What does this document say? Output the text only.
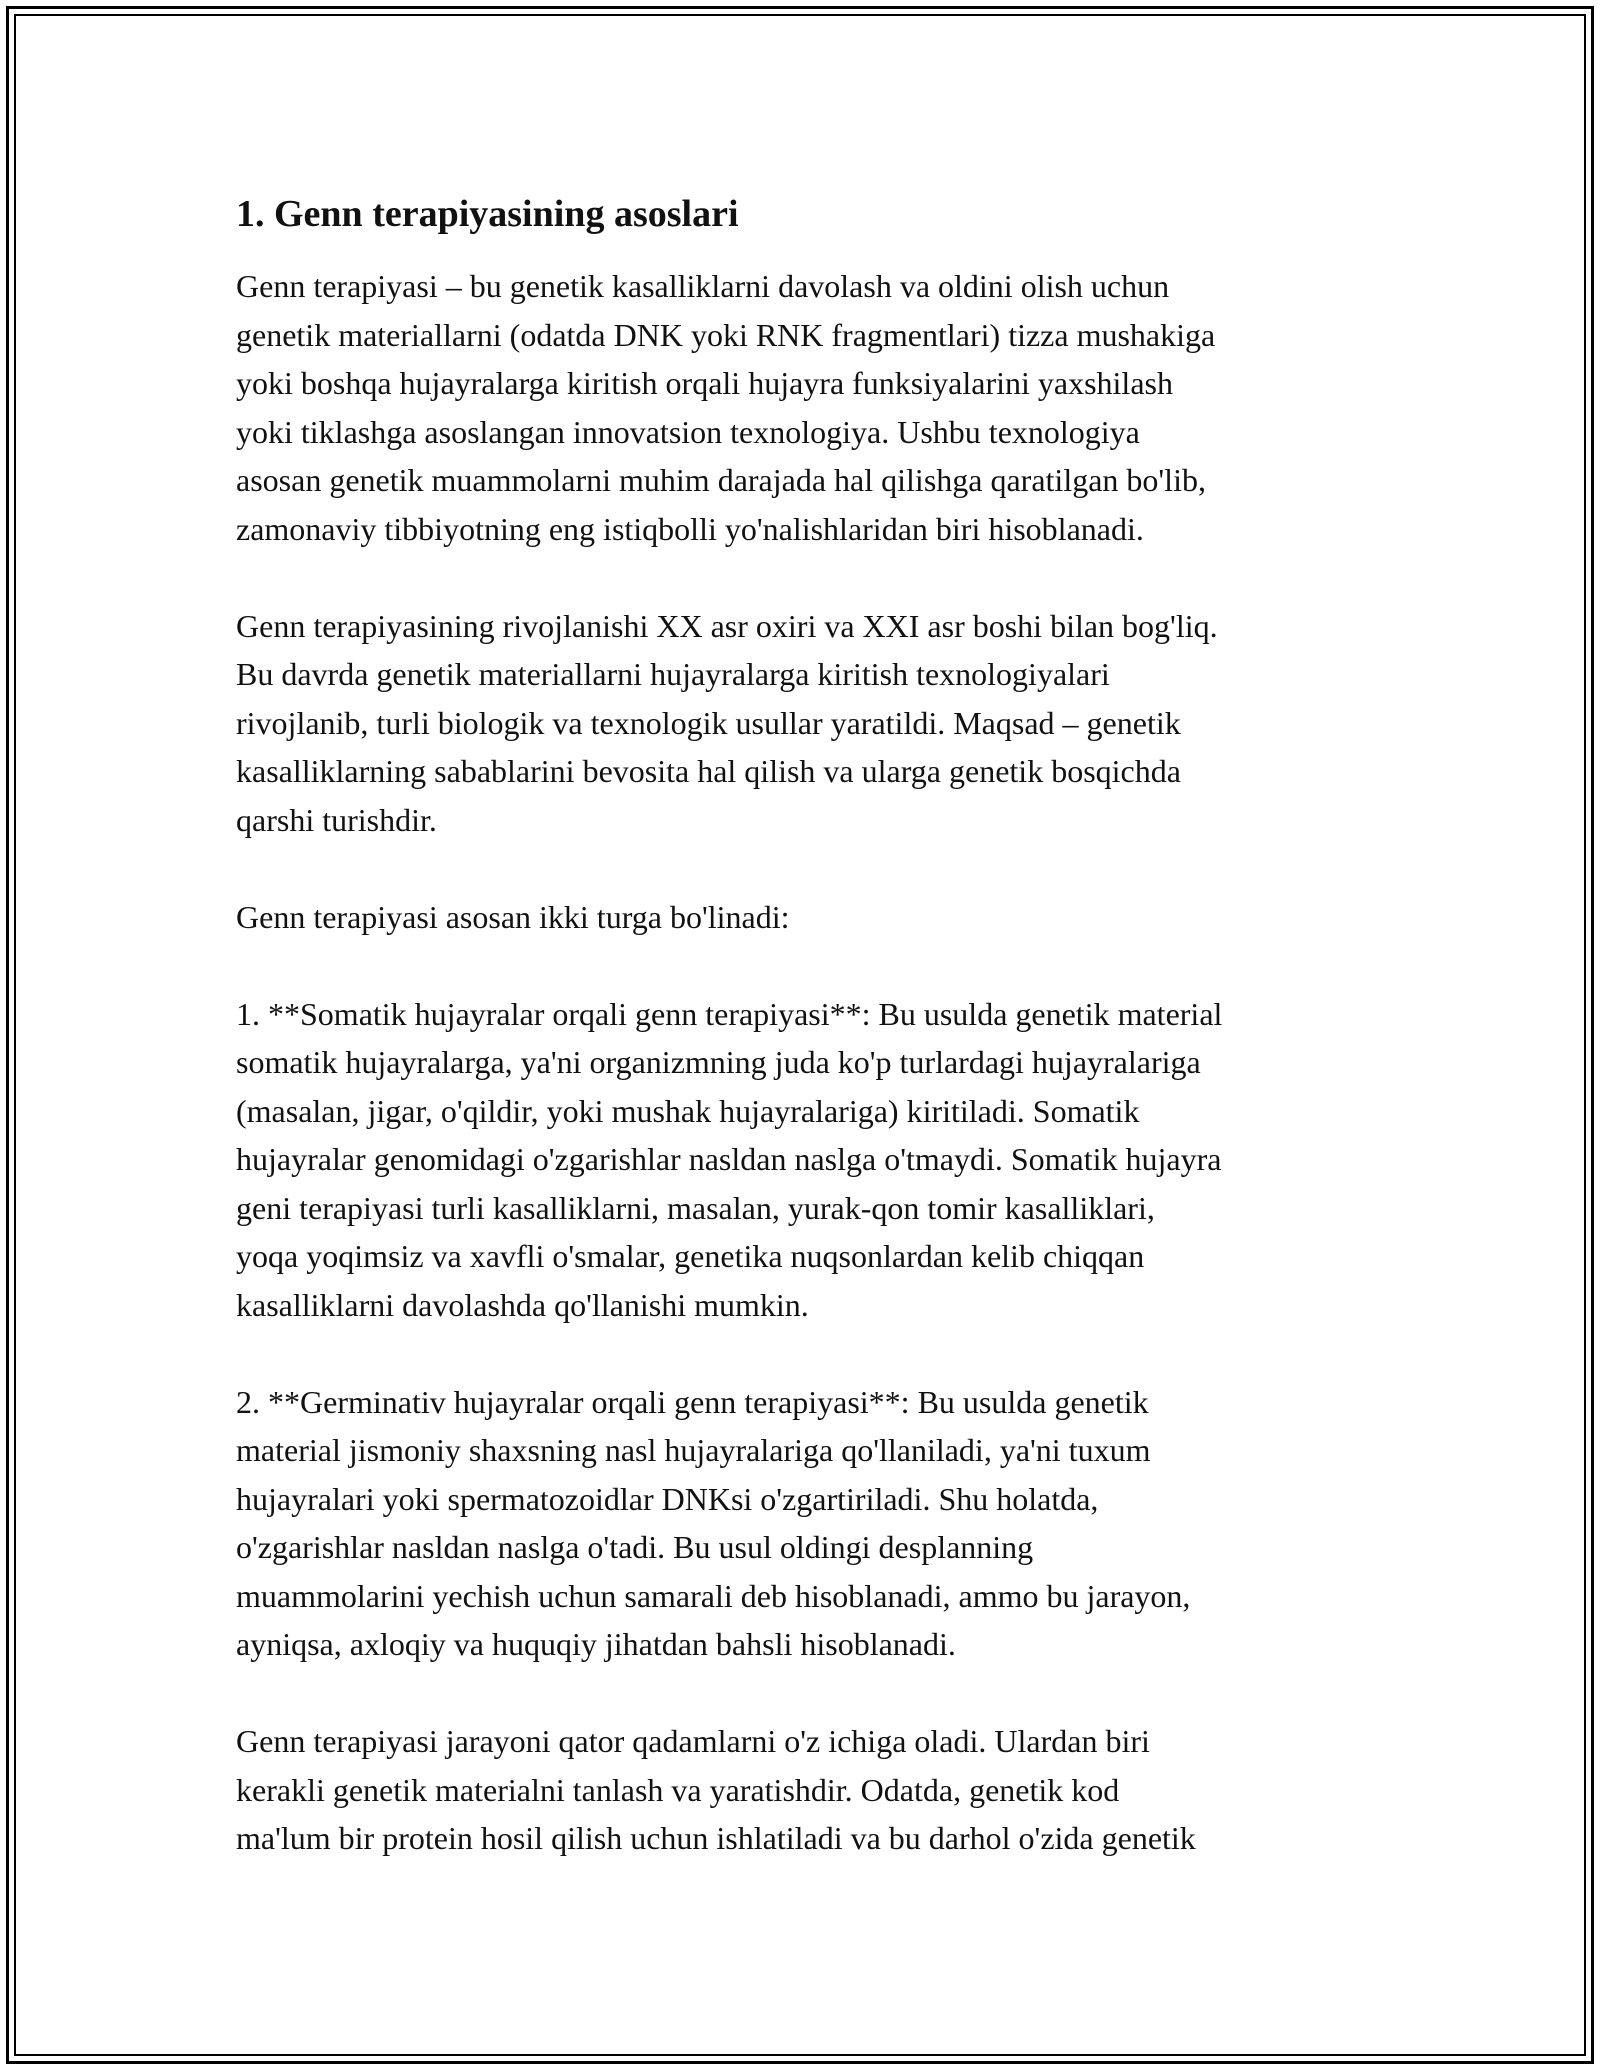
1. Genn terapiyasining asoslari
Genn terapiyasi – bu genetik kasalliklarni davolash va oldini olish uchun
genetik materiallarni (odatda DNK yoki RNK fragmentlari) tizza mushakiga
yoki boshqa hujayralarga kiritish orqali hujayra funksiyalarini yaxshilash
yoki tiklashga asoslangan innovatsion texnologiya. Ushbu texnologiya
asosan genetik muammolarni muhim darajada hal qilishga qaratilgan bo'lib,
zamonaviy tibbiyotning eng istiqbolli yo'nalishlaridan biri hisoblanadi.
Genn terapiyasining rivojlanishi XX asr oxiri va XXI asr boshi bilan bog'liq.
Bu davrda genetik materiallarni hujayralarga kiritish texnologiyalari
rivojlanib, turli biologik va texnologik usullar yaratildi. Maqsad – genetik
kasalliklarning sabablarini bevosita hal qilish va ularga genetik bosqichda
qarshi turishdir.
Genn terapiyasi asosan ikki turga bo'linadi:
1. **Somatik hujayralar orqali genn terapiyasi**: Bu usulda genetik material
somatik hujayralarga, ya'ni organizmning juda ko'p turlardagi hujayralariga
(masalan, jigar, o'qildir, yoki mushak hujayralariga) kiritiladi. Somatik
hujayralar genomidagi o'zgarishlar nasldan naslga o'tmaydi. Somatik hujayra
geni terapiyasi turli kasalliklarni, masalan, yurak-qon tomir kasalliklari,
yoqa yoqimsiz va xavfli o'smalar, genetika nuqsonlardan kelib chiqqan
kasalliklarni davolashda qo'llanishi mumkin.
2. **Germinativ hujayralar orqali genn terapiyasi**: Bu usulda genetik
material jismoniy shaxsning nasl hujayralariga qo'llaniladi, ya'ni tuxum
hujayralari yoki spermatozoidlar DNKsi o'zgartiriladi. Shu holatda,
o'zgarishlar nasldan naslga o'tadi. Bu usul oldingi desplanning
muammolarini yechish uchun samarali deb hisoblanadi, ammo bu jarayon,
ayniqsa, axloqiy va huquqiy jihatdan bahsli hisoblanadi.
Genn terapiyasi jarayoni qator qadamlarni o'z ichiga oladi. Ulardan biri
kerakli genetik materialni tanlash va yaratishdir. Odatda, genetik kod
ma'lum bir protein hosil qilish uchun ishlatiladi va bu darhol o'zida genetik
